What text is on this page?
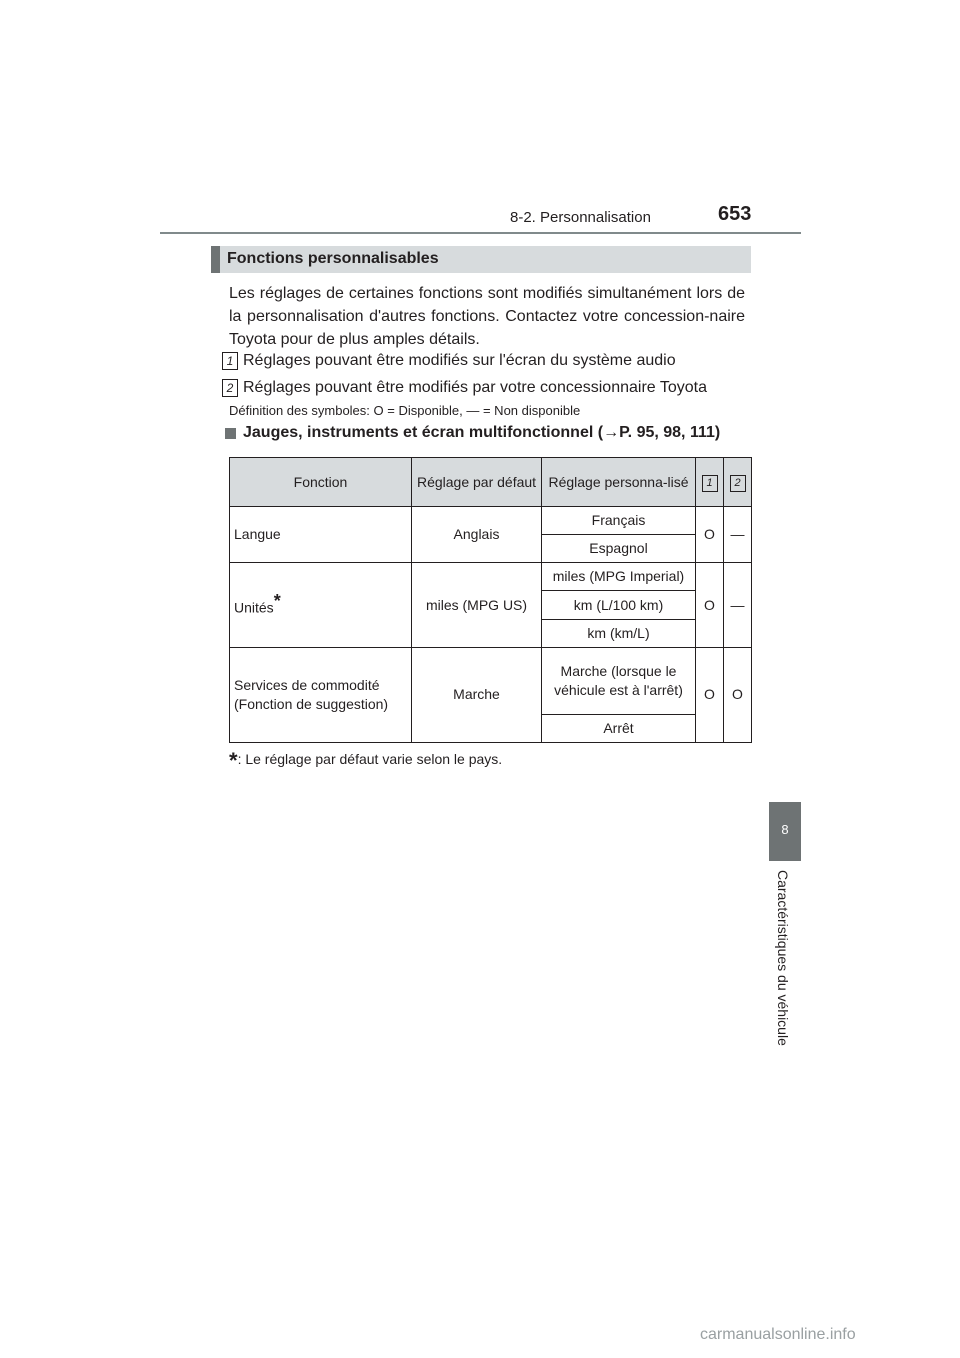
8-2. Personnalisation	653
8
Caractéristiques du véhicule
Fonctions personnalisables
Les réglages de certaines fonctions sont modifiés simultanément lors de la personnalisation d'autres fonctions. Contactez votre concession-naire Toyota pour de plus amples détails.
1 Réglages pouvant être modifiés sur l'écran du système audio
2 Réglages pouvant être modifiés par votre concessionnaire Toyota
Définition des symboles: O = Disponible, — = Non disponible
Jauges, instruments et écran multifonctionnel (→P. 95, 98, 111)
Fonction	Réglage par défaut	Réglage personna-lisé	1	2
Langue	Anglais	Français	O	—
		Espagnol		
Unités*	miles (MPG US)	miles (MPG Imperial)	O	—
		km (L/100 km)		
		km (km/L)		
Services de commodité (Fonction de suggestion)	Marche	Marche (lorsque le véhicule est à l'arrêt)	O	O
		Arrêt		
*: Le réglage par défaut varie selon le pays.
carmanualsonline.info
